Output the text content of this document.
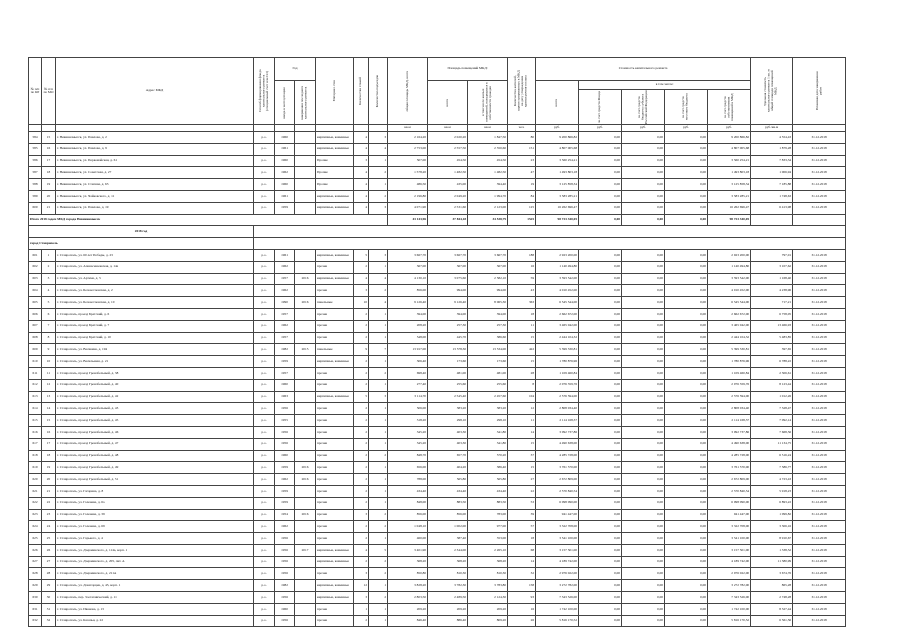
№ п/п по КР	№ п/п по МО	Адрес МКД	Способ формирования фонда капитального ремонта (специальный счет или СО)	Год		Материал стен	Количество этажей	Количество подъездов	общая площадь МКД, всего	Площадь помещений МКД:		Количество жителей, зарегистрированных в МКД на дату утверждения краткосрочного плана	Стоимость капитального ремонта					Удельная стоимость капитального ремонта 1 кв. м общей площади помещений МКД	Плановая дата завершения работ

				ввода в эксплуатацию	завершения последнего капитального ремонта					всего	в том числе жилых помещений, находящихся в собственности граждан		всего	в том числе:					

														за счет средств Фонда	за счет средств бюджета субъекта Российской Федерации	за счет средств местного бюджета	за счет средств собственников помещений в МКД		

									кв.м	кв.м	кв.м	чел.	руб.	руб.	руб.	руб.	руб.	руб./кв.м	
584	15	г. Невинномысск, ул. Павлова, д. 2	р.о.	1960		кирпичные, каменные	4	3	2 164,20	2 020,20	1 847,50	80	9 200 866,82	0,00	0,00	0,00	9 200 866,82	4 554,43	31.12.2018
585	16	г. Невинномысск, ул. Павлова, д. 9	р.о.	1961		кирпичные, каменные	4	4	2 753,00	2 557,50	2 350,60	151	4 807 005,68	0,00	0,00	0,00	4 807 005,68	1 879,28	31.12.2018
586	17	г. Невинномысск, ул. Первомайская, д. 61	р.о.	1960		Прочие	3	1	507,00	454,50	454,50	23	3 560 254,21	0,00	0,00	0,00	3 560 254,21	7 833,34	31.12.2018
587	18	г. Невинномысск, ул. Советская, д. 27	р.о.	1962		Прочие	4	2	1 578,20	1 482,50	1 482,50	47	1 493 803,18	0,00	0,00	0,00	1 493 803,18	1 006,94	31.12.2018
588	19	г. Невинномысск, ул. Степная, д. 63	р.о.	1960		Прочие	4	1	486,50	435,00	394,40	19	3 125 858,34	0,00	0,00	0,00	3 125 858,34	7 185,88	31.12.2018
589	20	г. Невинномысск, ул. Чайковского, д. 11	р.о.	1961		кирпичные, каменные	4	2	2 196,80	2 049,20	1 994,70	84	3 583 285,21	0,00	0,00	0,00	3 583 285,21	1 748,63	31.12.2018
600	21	г. Невинномысск, ул. Павлова, д. 19	р.о.	1959		кирпичные, каменные	4	3	4 071,90	2 531,60	2 123,00	125	16 262 696,47	0,00	0,00	0,00	16 262 696,47	6 413,98	31.12.2018
Итого 2018 годом МКД города Невинномысск									43 143,96	37 844,18	34 538,79	1525	98 723 340,05	0,00	0,00	0,00	98 723 340,05		
2018 год																			
город Ставрополь																			
601	1	г. Ставрополь, ул. 60 лет Победы, д. 23	р.о.	1961		кирпичные, каменные	5	3	3 667,70	3 667,70	3 667,70	188	2 923 200,00	0,00	0,00	0,00	2 923 200,00	797,01	31.12.2018
602	2	г. Ставрополь, ул. Апанасенковская, д. 14а	р.о.	1962		прочие	2	1	367,00	367,00	367,00	16	1 140 494,80	0,00	0,00	0,00	1 140 494,80	3 107,62	31.12.2018
603	3	г. Ставрополь, ул. Артема, д. 5	р.о.	1957	2016	кирпичные, каменные	4	4	4 130,10	3 075,60	2 582,10	59	3 593 542,00	0,00	0,00	0,00	3 593 542,00	1 168,40	31.12.2018
604	4	г. Ставрополь, ул. Белокотченская, д. 2	р.о.	1962		прочие	3	2	856,00	994,00	994,00	43	4 010 452,00	0,00	0,00	0,00	4 010 452,00	4 238,96	31.12.2018
605	5	г. Ставрополь, ул. Белокотченская, д. 10	р.о.	1990	2016	панельные	10	4	9 126,40	9 126,40	8 065,30	363	6 545 544,00	0,00	0,00	0,00	6 545 544,00	717,21	31.12.2018
606	6	г. Ставрополь, проезд Братский, д. 6	р.о.	1957		прочие	2	1	394,00	394,00	394,00	18	2 662 672,00	0,00	0,00	0,00	2 662 672,00	6 758,05	31.12.2018
607	7	г. Ставрополь, проезд Братский, д. 7	р.о.	1962		прочие	2	1	208,20	257,30	257,30	11	3 465 042,00	0,00	0,00	0,00	3 465 042,00	13 466,93	31.12.2018
608	8	г. Ставрополь, проезд Братский, д. 10	р.о.	1957		прочие	2	1	548,00	445,70	386,60	15	2 444 104,32	0,00	0,00	0,00	2 444 104,32	5 483,85	31.12.2018
609	9	г. Ставрополь, ул. Васякина, д. 194	р.о.	1982	2015	панельные	9	7	13 917,00	13 578,30	13 534,00	422	5 399 330,81	0,00	0,00	0,00	5 399 330,81	397,65	31.12.2018
610	10	г. Ставрополь, ул. Васильевая, д. 21	р.о.	1959		кирпичные, каменные	2	1	306,40	173,60	173,60	15	1 780 876,96	0,00	0,00	0,00	1 780 876,96	6 788,22	31.12.2018
611	11	г. Ставрополь, проезд Гренобельный, д. 38	р.о.	1957		прочие	2	2	698,40	481,00	481,00	28	1 109 460,84	0,00	0,00	0,00	1 109 460,84	2 306,61	31.12.2018
612	12	г. Ставрополь, проезд Гренобельный, д. 40	р.о.	1960		прочие	2	1	277,40	255,60	255,60	8	2 076 359,76	0,00	0,00	0,00	2 076 359,76	8 123,44	31.12.2018
613	13	г. Ставрополь, проезд Гренобельный, д. 42	р.о.	1963		кирпичные, каменные	5	3	3 114,70	2 545,40	2 457,60	104	2 576 594,00	0,00	0,00	0,00	2 576 594,00	1 012,26	31.12.2018
614	14	г. Ставрополь, проезд Гренобельный, д. 43	р.о.	1956		прочие	2	1	506,00	383,20	383,20	12	2 808 034,40	0,00	0,00	0,00	2 808 034,40	7 328,47	31.12.2018
615	15	г. Ставрополь, проезд Гренобельный, д. 45	р.о.	1955		прочие	2	1	318,20	298,10	298,10	11	2 114 168,37	0,00	0,00	0,00	2 114 168,37	7 092,14	31.12.2018
616	16	г. Ставрополь, проезд Гренобельный, д. 46	р.о.	1956		прочие	2	1	345,20	403,30	341,80	14	3 092 737,86	0,00	0,00	0,00	3 092 737,86	7 668,56	31.12.2018
617	17	г. Ставрополь, проезд Гренобельный, д. 47	р.о.	1956		прочие	2	1	345,20	403,30	341,80	15	4 490 638,00	0,00	0,00	0,00	4 490 638,00	11 134,75	31.12.2018
618	18	г. Ставрополь, проезд Гренобельный, д. 48	р.о.	1960		прочие	2	2	848,70	657,70	570,20	37	4 285 728,00	0,00	0,00	0,00	4 285 728,00	6 516,24	31.12.2018
619	19	г. Ставрополь, проезд Гренобельный, д. 49	р.о.	1959	2016	прочие	2	1	656,00	404,20	386,40	15	3 761 570,00	0,00	0,00	0,00	3 761 570,00	7 586,77	31.12.2018
620	20	г. Ставрополь, проезд Гренобельный, д. 51	р.о.	1962	2016	прочие	2	1	788,00	565,80	565,80	27	2 672 809,00	0,00	0,00	0,00	2 672 809,00	4 723,43	31.12.2018
621	21	г. Ставрополь, ул. Гагарина, д. 8	р.о.	1959		прочие	2	1	434,40	434,40	434,40	22	2 570 840,54	0,00	0,00	0,00	2 570 840,54	5 918,23	31.12.2018
622	22	г. Ставрополь, ул. Голенева, д. 6а	р.о.	1959		прочие	2	1	848,00	883,50	883,50	53	6 098 090,00	0,00	0,00	0,00	6 098 090,00	6 893,22	31.12.2018
623	23	г. Ставрополь, ул. Голенева, д. 39	р.о.	1954	2016	прочие	3	2	856,00	856,00	783,00	39	941 447,00	0,00	0,00	0,00	941 447,00	1 099,82	31.12.2018
624	24	г. Ставрополь, ул. Голенева, д. 69	р.о.	1962		прочие	2	2	1 048,10	1 002,00	977,00	57	3 322 708,00	0,00	0,00	0,00	3 322 708,00	3 306,16	31.12.2018
625	25	г. Ставрополь, ул. Горького, д. 4	р.о.	1956		прочие	2	1	460,00	387,40	353,00	18	3 541 100,00	0,00	0,00	0,00	3 541 100,00	8 910,67	31.12.2018
626	26	г. Ставрополь, ул. Дзержинского, д. 114а, корп. 1	р.о.	1956	2017	кирпичные, каменные	4	5	3 401,90	2 344,00	2 265,10	68	3 157 501,00	0,00	0,00	0,00	3 157 501,00	1 338,52	31.12.2018
627	27	г. Ставрополь, ул. Дзержинского, д. 205, лит. А	р.о.	1956		кирпичные, каменные	2	2	368,20	368,20	368,20	14	4 189 742,00	0,00	0,00	0,00	4 189 742,00	11 380,99	31.12.2018
628	28	г. Ставрополь, ул. Дзержинского, д. 211А	р.о.	1956		прочие	3	2	850,80	810,30	810,30	32	2 976 022,00	0,00	0,00	0,00	2 976 022,00	3 674,76	31.12.2018
629	29	г. Ставрополь, ул. Доваторцев, д. 43, корп. 1	р.о.	1982		кирпичные, каменные	12	1	3 828,20	3 782,30	3 783,80	158	3 272 782,00	0,00	0,00	0,00	3 272 782,00	865,28	31.12.2018
630	30	г. Ставрополь, пер. Зоотехнический, д. 11	р.о.	1956		кирпичные, каменные	3	2	2 803,50	2 489,50	2 124,30	93	7 343 526,00	0,00	0,00	0,00	7 343 526,00	2 748,28	31.12.2018
631	31	г. Ставрополь, ул. Иванова, д. 13	р.о.	1960		прочие	1	1	209,20	209,20	209,20	16	1 742 100,00	0,00	0,00	0,00	1 742 100,00	8 327,44	31.12.2018
632	32	г. Ставрополь, ул. Казачья, д. 22	р.о.	1956		прочие	2	1	846,40	886,40	809,20	26	5 816 170,52	0,00	0,00	0,00	5 816 170,52	6 561,56	31.12.2018
